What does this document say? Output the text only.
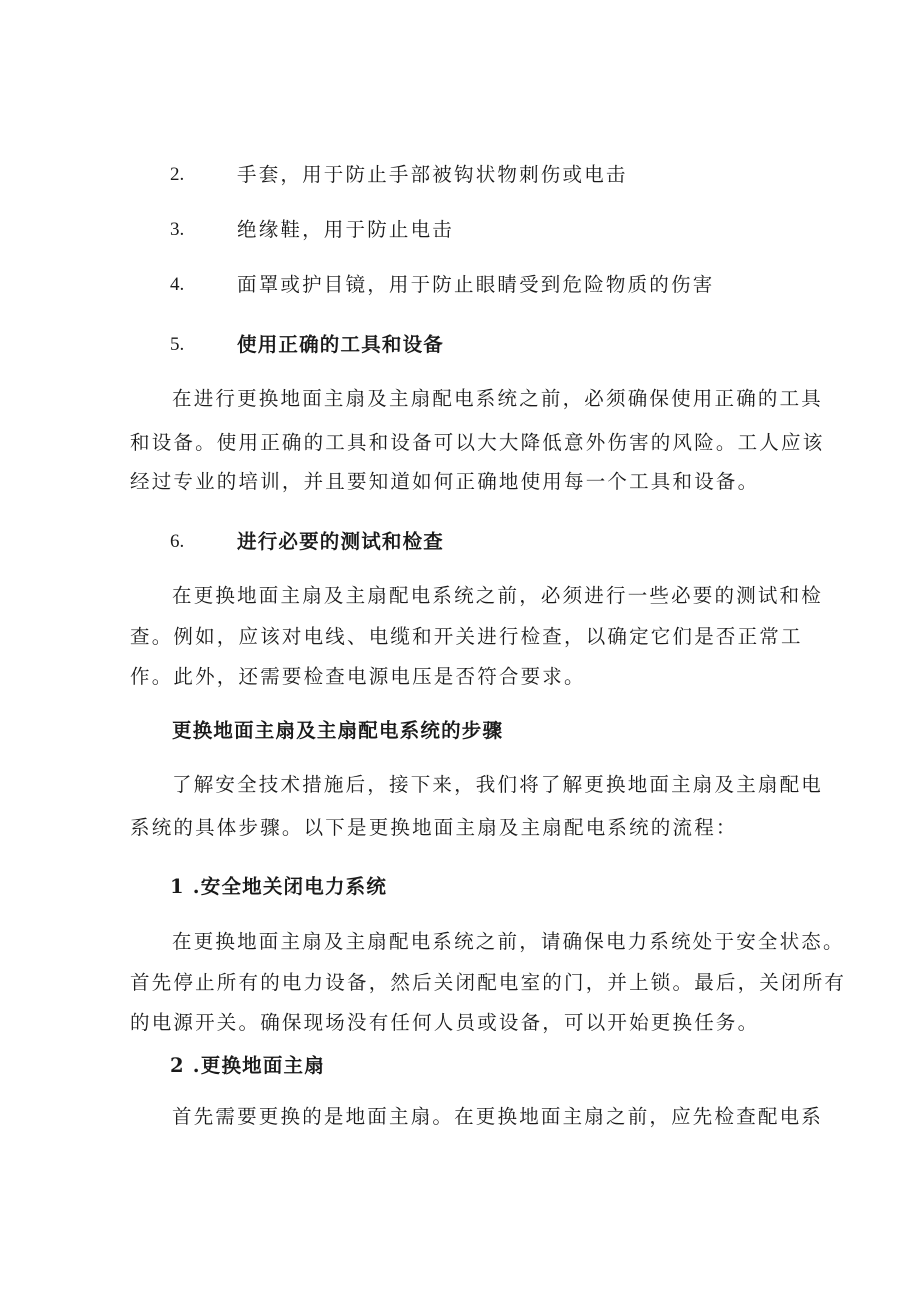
2.	手套，用于防止手部被钩状物刺伤或电击
3.	绝缘鞋，用于防止电击
4.	面罩或护目镜，用于防止眼睛受到危险物质的伤害
5.	使用正确的工具和设备
在进行更换地面主扇及主扇配电系统之前，必须确保使用正确的工具
和设备。使用正确的工具和设备可以大大降低意外伤害的风险。工人应该
经过专业的培训，并且要知道如何正确地使用每一个工具和设备。
6.	进行必要的测试和检查
在更换地面主扇及主扇配电系统之前，必须进行一些必要的测试和检
查。例如，应该对电线、电缆和开关进行检查，以确定它们是否正常工
作。此外，还需要检查电源电压是否符合要求。
更换地面主扇及主扇配电系统的步骤
了解安全技术措施后，接下来，我们将了解更换地面主扇及主扇配电
系统的具体步骤。以下是更换地面主扇及主扇配电系统的流程：
1 .安全地关闭电力系统
在更换地面主扇及主扇配电系统之前，请确保电力系统处于安全状态。
首先停止所有的电力设备，然后关闭配电室的门，并上锁。最后，关闭所有
的电源开关。确保现场没有任何人员或设备，可以开始更换任务。
2 .更换地面主扇
首先需要更换的是地面主扇。在更换地面主扇之前，应先检查配电系
